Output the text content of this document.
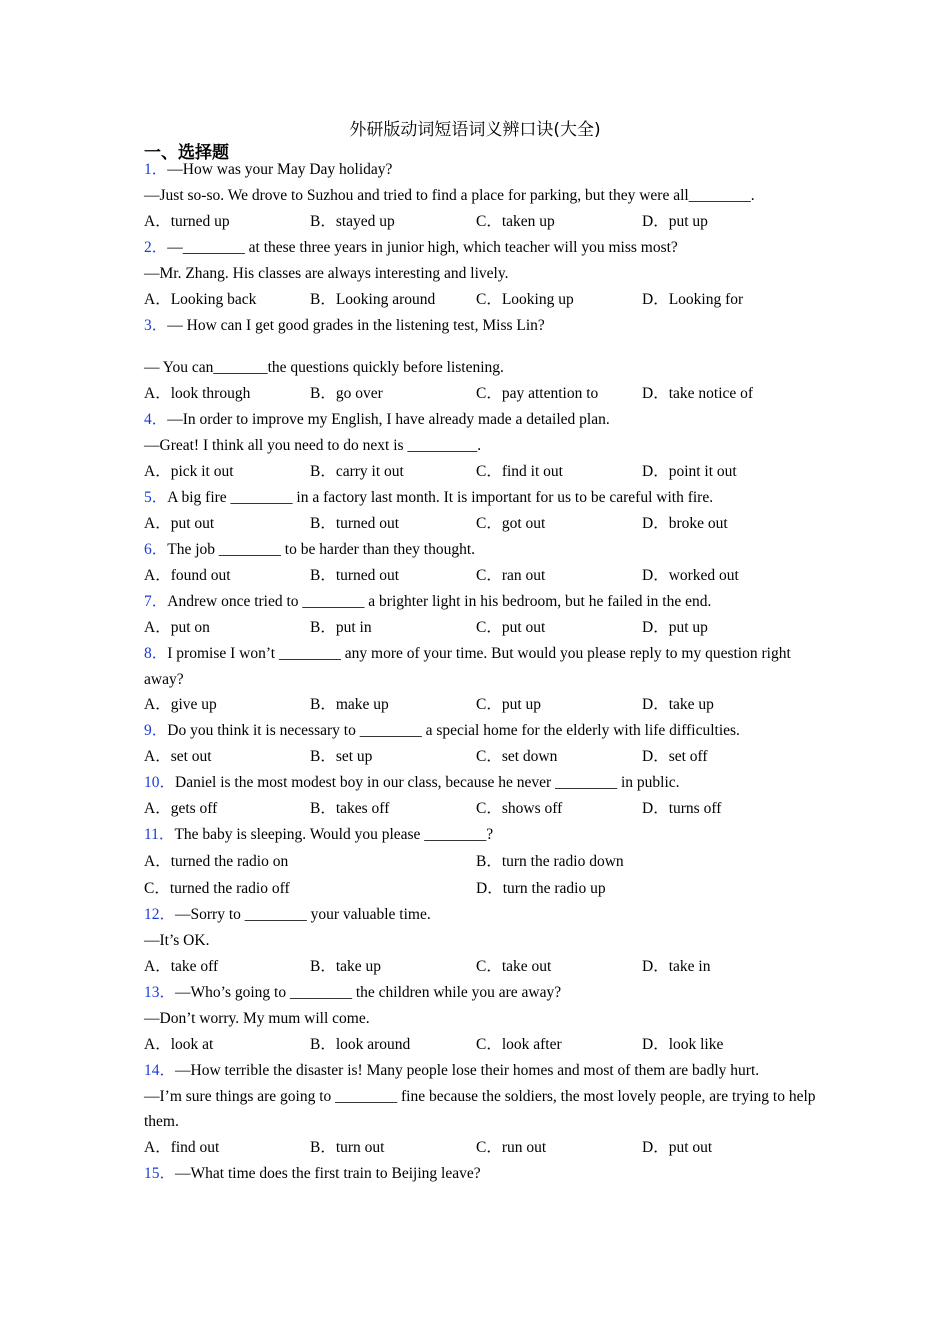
外研版动词短语词义辨口诀(大全)
一、选择题
1．—How was your May Day holiday?
—Just so-so. We drove to Suzhou and tried to find a place for parking, but they were all________.
A．turned up	B．stayed up	C．taken up	D．put up
2．—________ at these three years in junior high, which teacher will you miss most?
—Mr. Zhang. His classes are always interesting and lively.
A．Looking back	B．Looking around	C．Looking up	D．Looking for
3．— How can I get good grades in the listening test, Miss Lin?
— You can_______the questions quickly before listening.
A．look through	B．go over	C．pay attention to	D．take notice of
4．—In order to improve my English, I have already made a detailed plan.
—Great! I think all you need to do next is _________.
A．pick it out	B．carry it out	C．find it out	D．point it out
5．A big fire ________ in a factory last month. It is important for us to be careful with fire.
A．put out	B．turned out	C．got out	D．broke out
6．The job ________ to be harder than they thought.
A．found out	B．turned out	C．ran out	D．worked out
7．Andrew once tried to ________ a brighter light in his bedroom, but he failed in the end.
A．put on	B．put in	C．put out	D．put up
8．I promise I won’t ________ any more of your time. But would you please reply to my question right away?
A．give up	B．make up	C．put up	D．take up
9．Do you think it is necessary to ________ a special home for the elderly with life difficulties.
A．set out	B．set up	C．set down	D．set off
10．Daniel is the most modest boy in our class, because he never ________ in public.
A．gets off	B．takes off	C．shows off	D．turns off
11．The baby is sleeping. Would you please ________?
A．turned the radio on	B．turn the radio down
C．turned the radio off	D．turn the radio up
12．—Sorry to ________ your valuable time.
—It’s OK.
A．take off	B．take up	C．take out	D．take in
13．—Who’s going to ________ the children while you are away?
—Don’t worry. My mum will come.
A．look at	B．look around	C．look after	D．look like
14．—How terrible the disaster is! Many people lose their homes and most of them are badly hurt.
—I’m sure things are going to ________ fine because the soldiers, the most lovely people, are trying to help them.
A．find out	B．turn out	C．run out	D．put out
15．—What time does the first train to Beijing leave?
